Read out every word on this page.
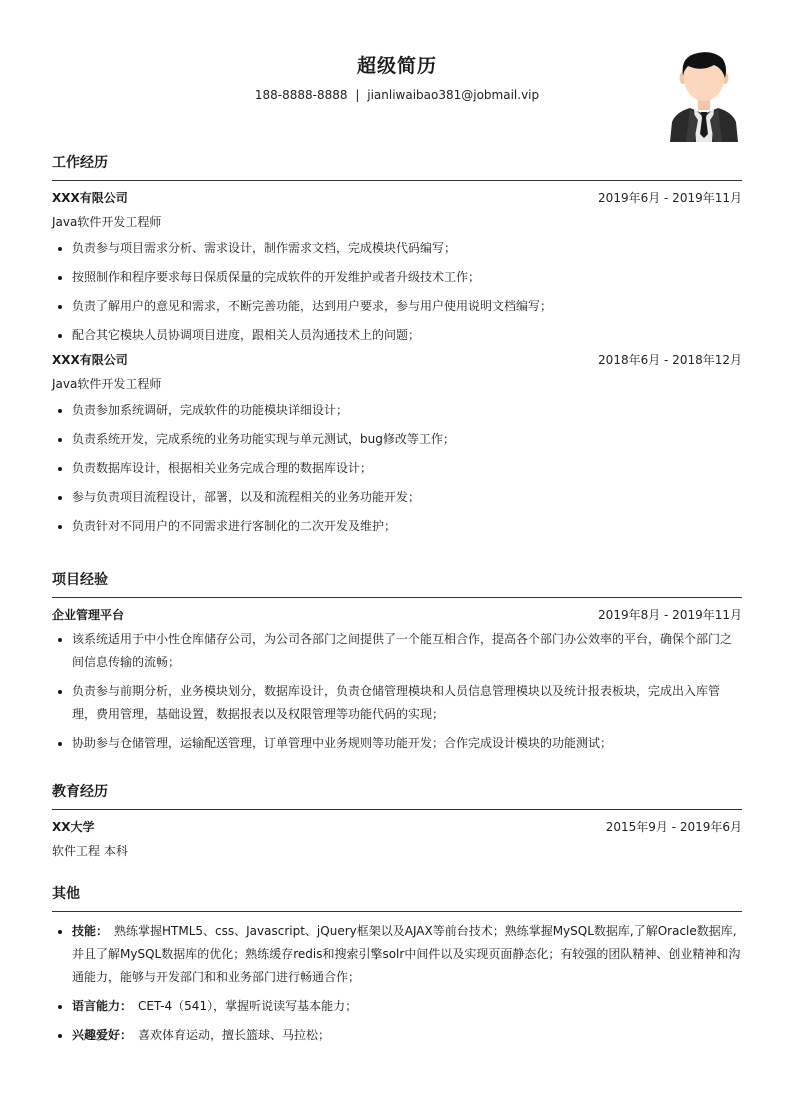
超级简历
188-8888-8888 | jianliwaibao381@jobmail.vip
工作经历
XXX有限公司	2019年6月 - 2019年11月
Java软件开发工程师
• 负责参与项目需求分析、需求设计，制作需求文档，完成模块代码编写；
• 按照制作和程序要求每日保质保量的完成软件的开发维护或者升级技术工作；
• 负责了解用户的意见和需求，不断完善功能，达到用户要求，参与用户使用说明文档编写；
• 配合其它模块人员协调项目进度，跟相关人员沟通技术上的问题；
XXX有限公司	2018年6月 - 2018年12月
Java软件开发工程师
• 负责参加系统调研，完成软件的功能模块详细设计；
• 负责系统开发，完成系统的业务功能实现与单元测试，bug修改等工作；
• 负责数据库设计，根据相关业务完成合理的数据库设计；
• 参与负责项目流程设计，部署，以及和流程相关的业务功能开发；
• 负责针对不同用户的不同需求进行客制化的二次开发及维护；
项目经验
企业管理平台	2019年8月 - 2019年11月
• 该系统适用于中小性仓库储存公司，为公司各部门之间提供了一个能互相合作，提高各个部门办公效率的平台，确保个部门之间信息传输的流畅；
• 负责参与前期分析，业务模块划分，数据库设计，负责仓储管理模块和人员信息管理模块以及统计报表板块，完成出入库管理，费用管理，基础设置，数据报表以及权限管理等功能代码的实现；
• 协助参与仓储管理，运输配送管理，订单管理中业务规则等功能开发；合作完成设计模块的功能测试；
教育经历
XX大学	2015年9月 - 2019年6月
软件工程 本科
其他
• 技能： 熟练掌握HTML5、css、Javascript、jQuery框架以及AJAX等前台技术；熟练掌握MySQL数据库,了解Oracle数据库,并且了解MySQL数据库的优化；熟练缓存redis和搜索引擎solr中间件以及实现页面静态化；有较强的团队精神、创业精神和沟通能力，能够与开发部门和和业务部门进行畅通合作；
• 语言能力： CET-4（541），掌握听说读写基本能力；
• 兴趣爱好： 喜欢体育运动，擅长篮球、马拉松；
